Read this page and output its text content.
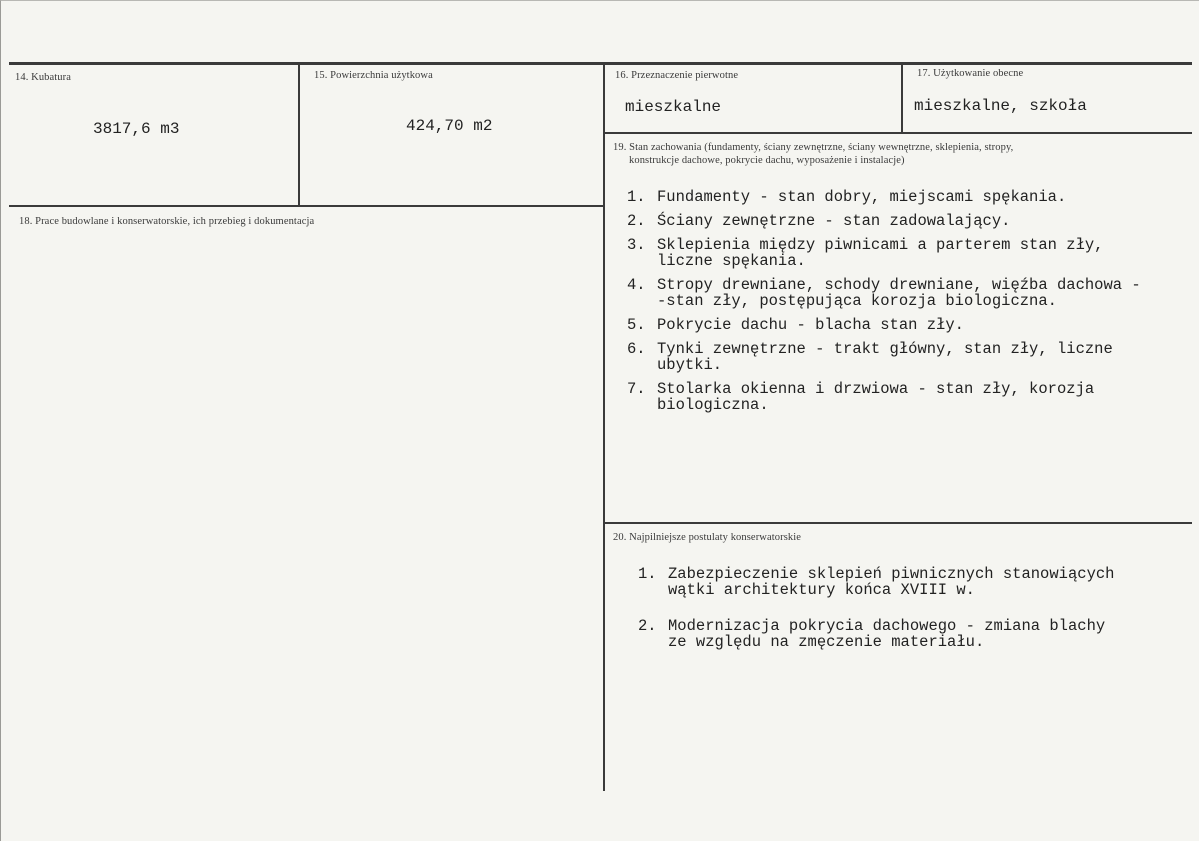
14. Kubatura
3817,6 m3
15. Powierzchnia użytkowa
424,70 m2
16. Przeznaczenie pierwotne
mieszkalne
17. Użytkowanie obecne
mieszkalne, szkoła
18. Prace budowlane i konserwatorskie, ich przebieg i dokumentacja
19. Stan zachowania (fundamenty, ściany zewnętrzne, ściany wewnętrzne, sklepienia, stropy,
konstrukcje dachowe, pokrycie dachu, wyposażenie i instalacje)
1. Fundamenty - stan dobry, miejscami spękania.
2. Ściany zewnętrzne - stan zadowalający.
3. Sklepienia między piwnicami a parterem stan zły,
liczne spękania.
4. Stropy drewniane, schody drewniane, więźba dachowa -
-stan zły, postępująca korozja biologiczna.
5. Pokrycie dachu - blacha stan zły.
6. Tynki zewnętrzne - trakt główny, stan zły, liczne
ubytki.
7. Stolarka okienna i drzwiowa - stan zły, korozja
biologiczna.
20. Najpilniejsze postulaty konserwatorskie
1. Zabezpieczenie sklepień piwnicznych stanowiących
wątki architektury końca XVIII w.
2. Modernizacja pokrycia dachowego - zmiana blachy
ze względu na zmęczenie materiału.
